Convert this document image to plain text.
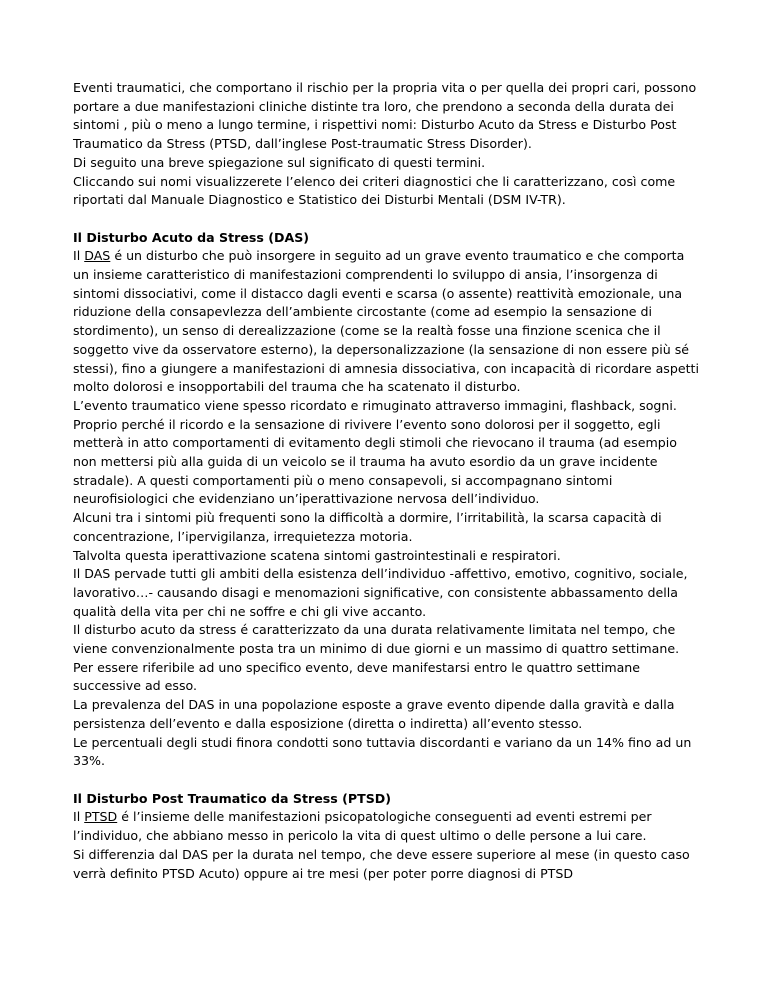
Eventi traumatici, che comportano il rischio per la propria vita o per quella dei propri cari, possono portare a due manifestazioni cliniche distinte tra loro, che prendono a seconda della durata dei sintomi , più o meno a lungo termine, i rispettivi nomi: Disturbo Acuto da Stress e Disturbo Post Traumatico da Stress (PTSD, dall’inglese Post-traumatic Stress Disorder).

Di seguito una breve spiegazione sul significato di questi termini.

Cliccando sui nomi visualizzerete l’elenco dei criteri diagnostici che li caratterizzano, così come riportati dal Manuale Diagnostico e Statistico dei Disturbi Mentali (DSM IV-TR).

Il Disturbo Acuto da Stress (DAS)

Il DAS é un disturbo che può insorgere in seguito ad un grave evento traumatico e che comporta un insieme caratteristico di manifestazioni comprendenti lo sviluppo di ansia, l’insorgenza di sintomi dissociativi, come il distacco dagli eventi e scarsa (o assente) reattività emozionale, una riduzione della consapevlezza dell’ambiente circostante (come ad esempio la sensazione di stordimento), un senso di derealizzazione (come se la realtà fosse una finzione scenica che il soggetto vive da osservatore esterno), la depersonalizzazione (la sensazione di non essere più sé stessi), fino a giungere a manifestazioni di amnesia dissociativa, con incapacità di ricordare aspetti molto dolorosi e insopportabili del trauma che ha scatenato il disturbo.

L’evento traumatico viene spesso ricordato e rimuginato attraverso immagini, flashback, sogni. Proprio perché il ricordo e la sensazione di rivivere l’evento sono dolorosi per il soggetto, egli metterà in atto comportamenti di evitamento degli stimoli che rievocano il trauma (ad esempio non mettersi più alla guida di un veicolo se il trauma ha avuto esordio da un grave incidente stradale). A questi comportamenti più o meno consapevoli, si accompagnano sintomi neurofisiologici che evidenziano un’iperattivazione nervosa dell’individuo.

Alcuni tra i sintomi più frequenti sono la difficoltà a dormire, l’irritabilità, la scarsa capacità di concentrazione, l’ipervigilanza, irrequietezza motoria.

Talvolta questa iperattivazione scatena sintomi gastrointestinali e respiratori.

Il DAS pervade tutti gli ambiti della esistenza dell’individuo -affettivo, emotivo, cognitivo, sociale, lavorativo…- causando disagi e menomazioni significative, con consistente abbassamento della qualità della vita per chi ne soffre e chi gli vive accanto.

Il disturbo acuto da stress é caratterizzato da una durata relativamente limitata nel tempo, che viene convenzionalmente posta tra un minimo di due giorni e un massimo di quattro settimane.

Per essere riferibile ad uno specifico evento, deve manifestarsi entro le quattro settimane successive ad esso.

La prevalenza del DAS in una popolazione esposte a grave evento dipende dalla gravità e dalla persistenza dell’evento e dalla esposizione (diretta o indiretta) all’evento stesso.

Le percentuali degli studi finora condotti sono tuttavia discordanti e variano da un 14% fino ad un 33%.

Il Disturbo Post Traumatico da Stress (PTSD)

Il PTSD é l’insieme delle manifestazioni psicopatologiche conseguenti ad eventi estremi per l’individuo, che abbiano messo in pericolo la vita di quest ultimo o delle persone a lui care.

Si differenzia dal DAS per la durata nel tempo, che deve essere superiore al mese (in questo caso verrà definito PTSD Acuto) oppure ai tre mesi (per poter porre diagnosi di PTSD
